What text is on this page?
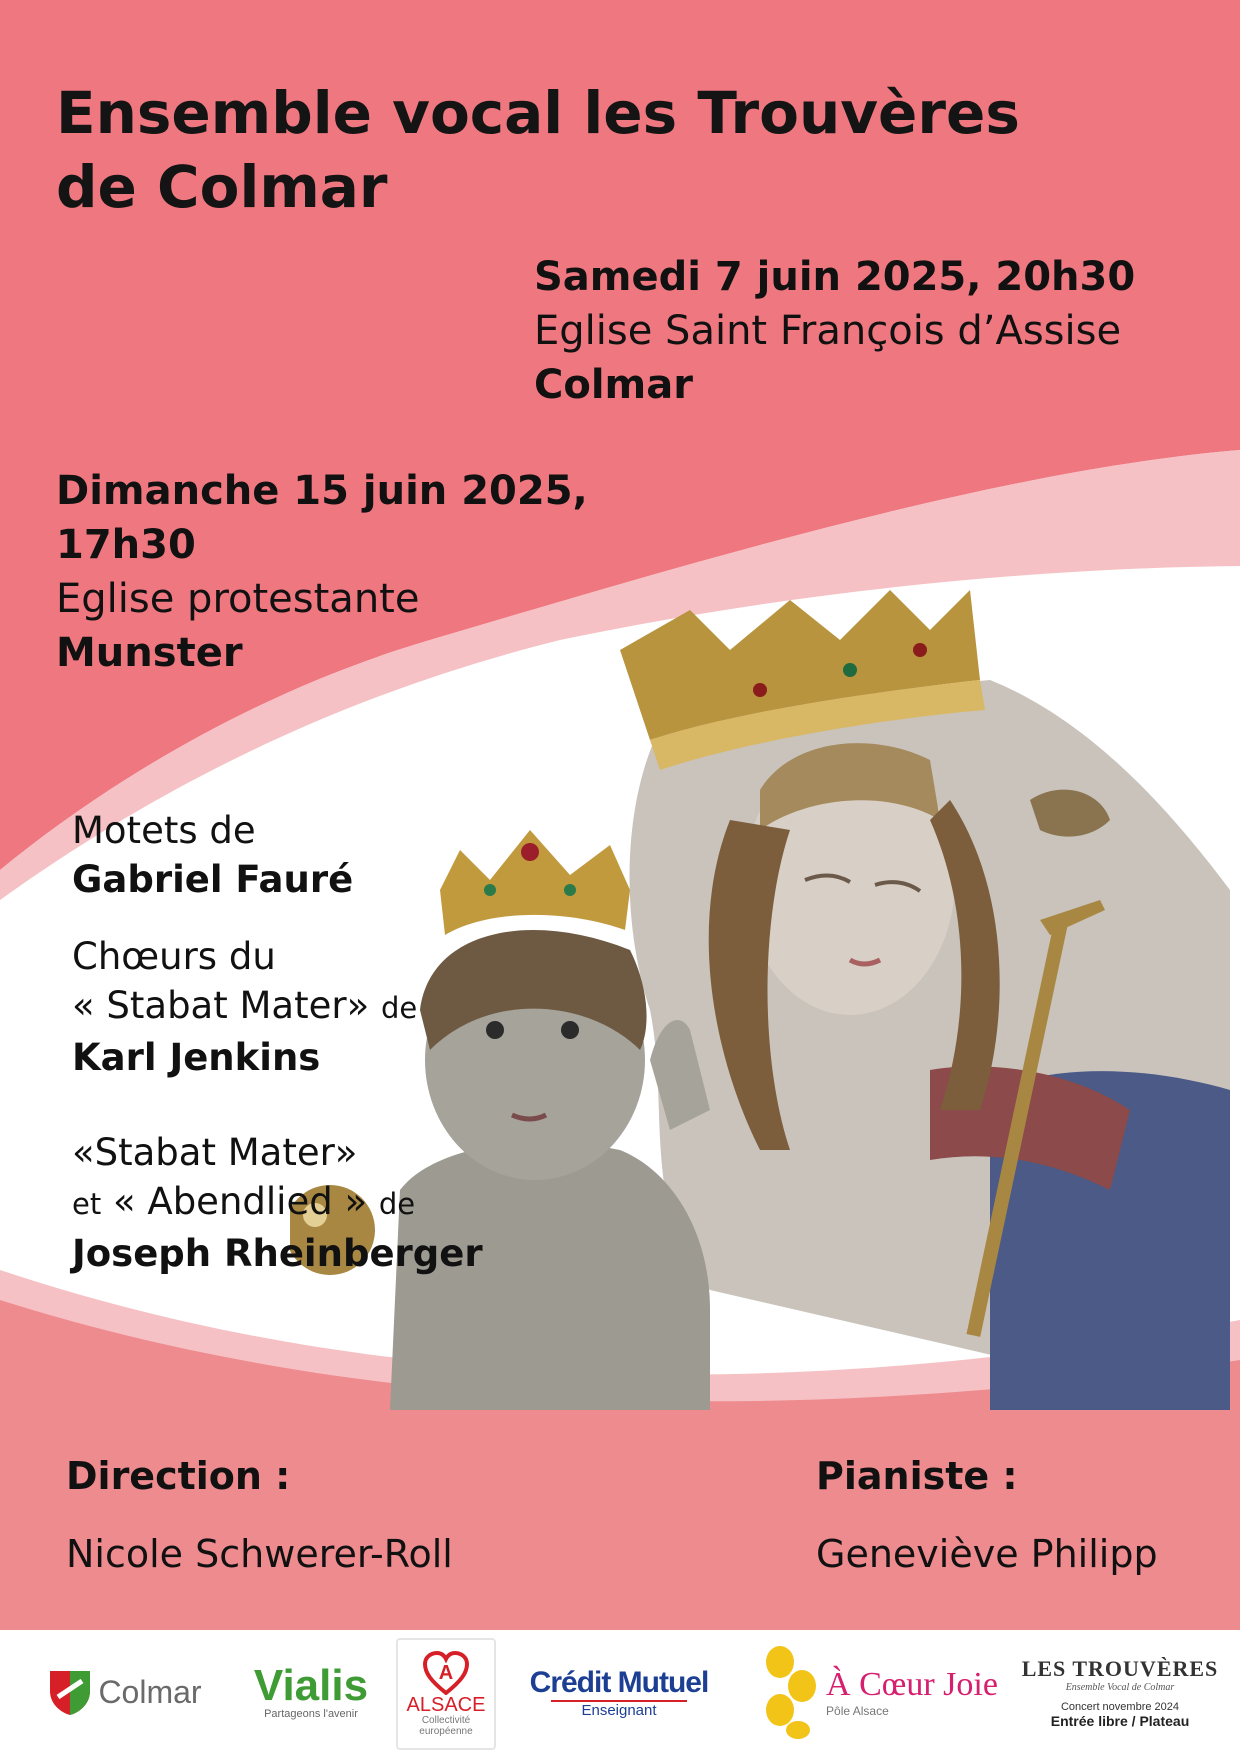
Ensemble vocal les Trouvères
de Colmar
Samedi 7 juin 2025, 20h30
Eglise Saint François d’Assise
Colmar
Dimanche 15 juin 2025, 17h30
Eglise protestante
Munster
Motets de
Gabriel Fauré
Chœurs du
« Stabat Mater» de
Karl Jenkins
«Stabat Mater»
et « Abendlied » de
Joseph Rheinberger
Direction :
Nicole Schwerer-Roll
Pianiste :
Geneviève Philipp
Colmar Vialis
Partageons l'avenir
A
ALSACE
Collectivité européenne
Crédit Mutuel
Enseignant
À Cœur Joie
Pôle Alsace
LES TROUVÈRES
Ensemble Vocal de Colmar
Concert novembre 2024
Entrée libre / Plateau
